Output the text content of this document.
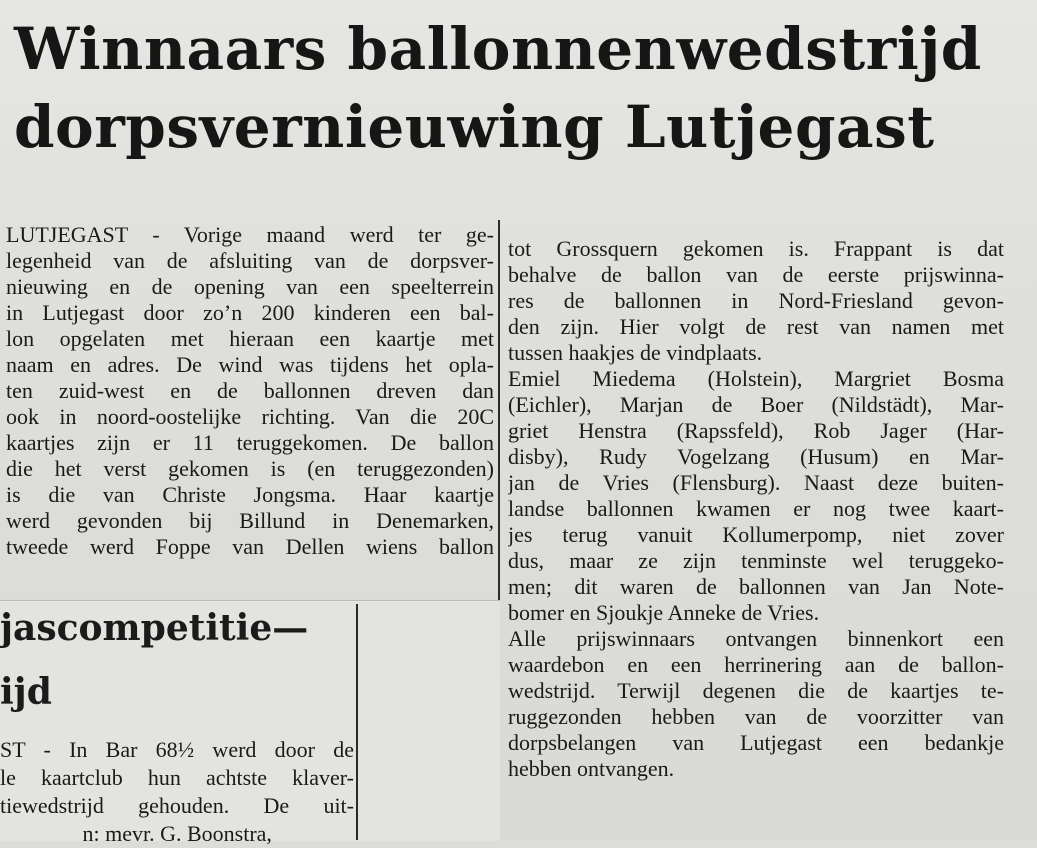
Winnaars ballonnenwedstrijd
dorpsvernieuwing Lutjegast
LUTJEGAST - Vorige maand werd ter ge-
legenheid van de afsluiting van de dorpsver-
nieuwing en de opening van een speelterrein
in Lutjegast door zo’n 200 kinderen een bal-
lon opgelaten met hieraan een kaartje met
naam en adres. De wind was tijdens het opla-
ten zuid-west en de ballonnen dreven dan
ook in noord-oostelijke richting. Van die 20C
kaartjes zijn er 11 teruggekomen. De ballon
die het verst gekomen is (en teruggezonden)
is die van Christe Jongsma. Haar kaartje
werd gevonden bij Billund in Denemarken,
tweede werd Foppe van Dellen wiens ballon
tot Grossquern gekomen is. Frappant is dat
behalve de ballon van de eerste prijswinna-
res de ballonnen in Nord-Friesland gevon-
den zijn. Hier volgt de rest van namen met
tussen haakjes de vindplaats.
Emiel Miedema (Holstein), Margriet Bosma
(Eichler), Marjan de Boer (Nildstädt), Mar-
griet Henstra (Rapssfeld), Rob Jager (Har-
disby), Rudy Vogelzang (Husum) en Mar-
jan de Vries (Flensburg). Naast deze buiten-
landse ballonnen kwamen er nog twee kaart-
jes terug vanuit Kollumerpomp, niet zover
dus, maar ze zijn tenminste wel teruggeko-
men; dit waren de ballonnen van Jan Note-
bomer en Sjoukje Anneke de Vries.
Alle prijswinnaars ontvangen binnenkort een
waardebon en een herrinering aan de ballon-
wedstrijd. Terwijl degenen die de kaartjes te-
ruggezonden hebben van de voorzitter van
dorpsbelangen van Lutjegast een bedankje
hebben ontvangen.
jascompetitie—
ijd
ST - In Bar 68½ werd door de
le kaartclub hun achtste klaver-
tiewedstrijd gehouden. De uit-
n: mevr. G. Boonstra,
